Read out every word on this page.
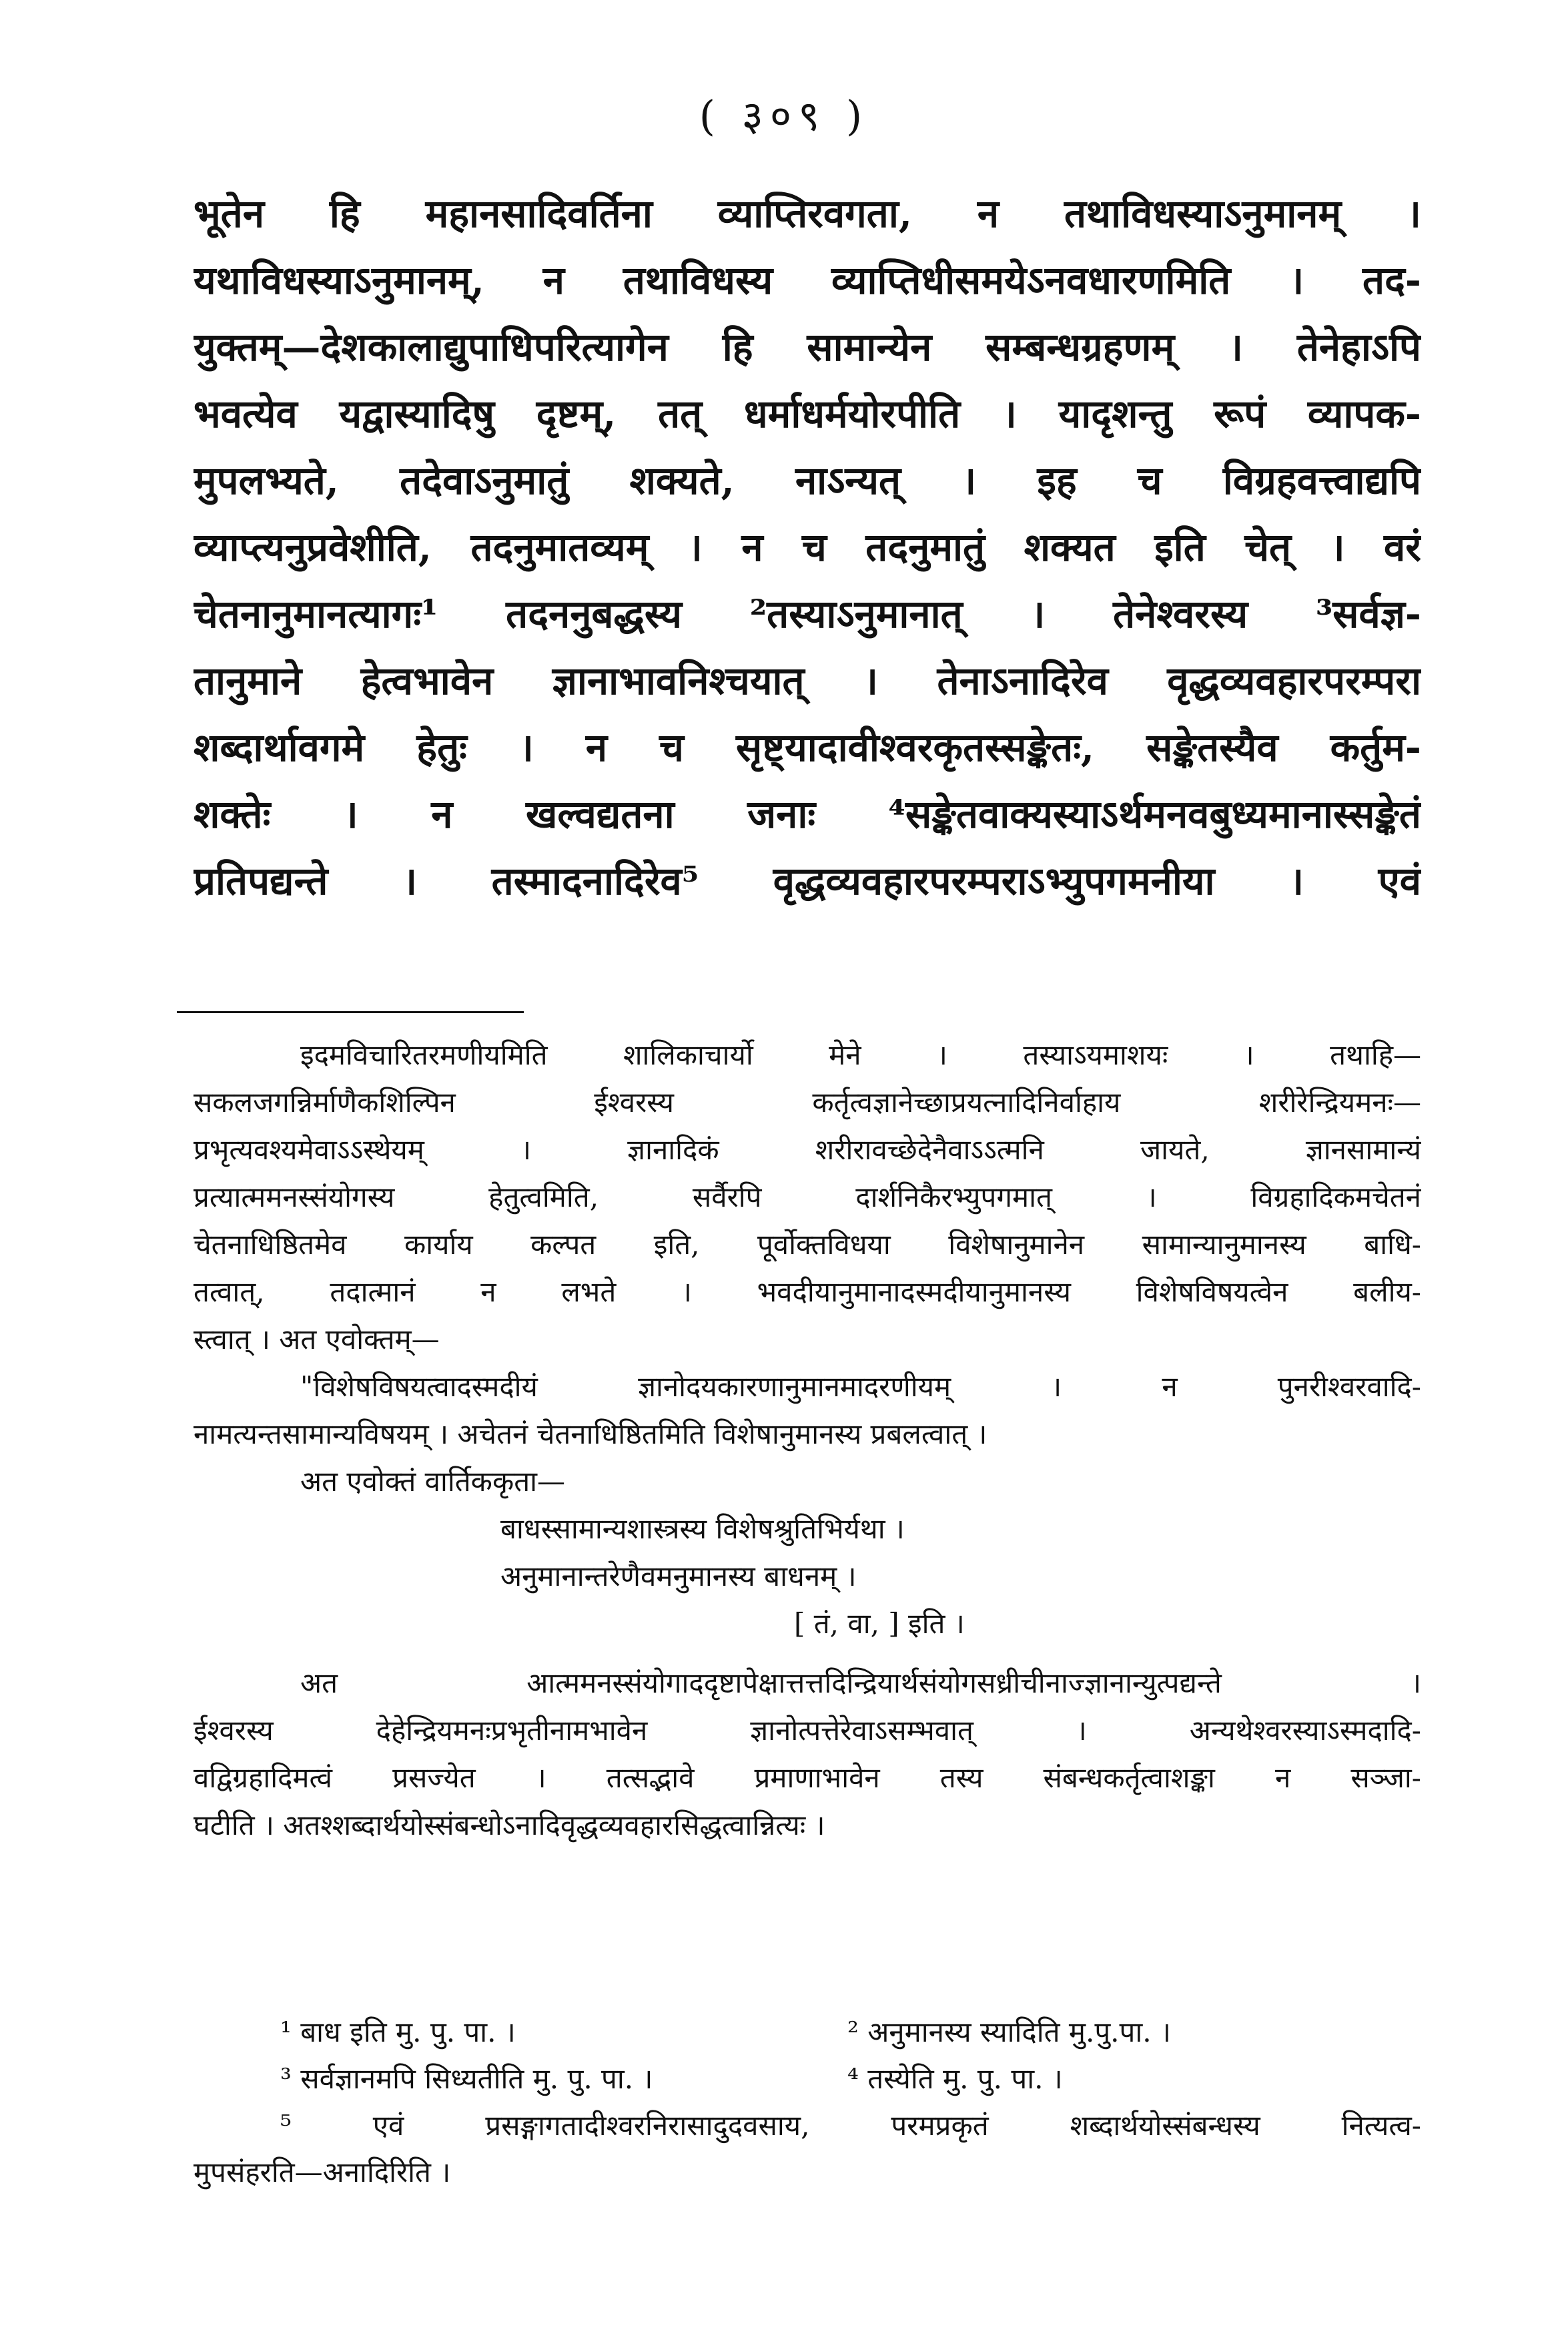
( ३०९ )
भूतेन हि महानसादिवर्तिना व्याप्तिरवगता, न तथाविधस्याऽनुमानम् ।
यथाविधस्याऽनुमानम्, न तथाविधस्य व्याप्तिधीसमयेऽनवधारणमिति । तद-
युक्तम्—देशकालाद्युपाधिपरित्यागेन हि सामान्येन सम्बन्धग्रहणम् । तेनेहाऽपि
भवत्येव यद्वास्यादिषु दृष्टम्, तत् धर्माधर्मयोरपीति । यादृशन्तु रूपं व्यापक-
मुपलभ्यते, तदेवाऽनुमातुं शक्यते, नाऽन्यत् । इह च विग्रहवत्त्वाद्यपि
व्याप्त्यनुप्रवेशीति, तदनुमातव्यम् । न च तदनुमातुं शक्यत इति चेत् । वरं
चेतनानुमानत्यागः¹ तदननुबद्धस्य ²तस्याऽनुमानात् । तेनेश्वरस्य ³सर्वज्ञ-
तानुमाने हेत्वभावेन ज्ञानाभावनिश्चयात् । तेनाऽनादिरेव वृद्धव्यवहारपरम्परा
शब्दार्थावगमे हेतुः । न च सृष्ट्यादावीश्वरकृतस्सङ्केतः, सङ्केतस्यैव कर्तुम-
शक्तेः । न खल्वद्यतना जनाः ⁴सङ्केतवाक्यस्याऽर्थमनवबुध्यमानास्सङ्केतं
प्रतिपद्यन्ते । तस्मादनादिरेव⁵ वृद्धव्यवहारपरम्पराऽभ्युपगमनीया । एवं
इदमविचारितरमणीयमिति शालिकाचार्यो मेने । तस्याऽयमाशयः । तथाहि—
सकलजगन्निर्माणैकशिल्पिन ईश्वरस्य कर्तृत्वज्ञानेच्छाप्रयत्नादिनिर्वाहाय शरीरेन्द्रियमनः—
प्रभृत्यवश्यमेवाऽऽस्थेयम् । ज्ञानादिकं शरीरावच्छेदेनैवाऽऽत्मनि जायते, ज्ञानसामान्यं
प्रत्यात्ममनस्संयोगस्य हेतुत्वमिति, सर्वैरपि दार्शनिकैरभ्युपगमात् । विग्रहादिकमचेतनं
चेतनाधिष्ठितमेव कार्याय कल्पत इति, पूर्वोक्तविधया विशेषानुमानेन सामान्यानुमानस्य बाधि-
तत्वात्, तदात्मानं न लभते । भवदीयानुमानादस्मदीयानुमानस्य विशेषविषयत्वेन बलीय-
स्त्वात् । अत एवोक्तम्—
"विशेषविषयत्वादस्मदीयं ज्ञानोदयकारणानुमानमादरणीयम् । न पुनरीश्वरवादि-
नामत्यन्तसामान्यविषयम् । अचेतनं चेतनाधिष्ठितमिति विशेषानुमानस्य प्रबलत्वात् ।
अत एवोक्तं वार्तिककृता—
बाधस्सामान्यशास्त्रस्य विशेषश्रुतिभिर्यथा ।
अनुमानान्तरेणैवमनुमानस्य बाधनम् ।
[ तं, वा, ] इति ।
अत आत्ममनस्संयोगाददृष्टापेक्षात्तत्तदिन्द्रियार्थसंयोगसध्रीचीनाज्ज्ञानान्युत्पद्यन्ते ।
ईश्वरस्य देहेन्द्रियमनःप्रभृतीनामभावेन ज्ञानोत्पत्तेरेवाऽसम्भवात् । अन्यथेश्वरस्याऽस्मदादि-
वद्विग्रहादिमत्वं प्रसज्येत । तत्सद्भावे प्रमाणाभावेन तस्य संबन्धकर्तृत्वाशङ्का न सञ्जा-
घटीति । अतश्शब्दार्थयोस्संबन्धोऽनादिवृद्धव्यवहारसिद्धत्वान्नित्यः ।
¹ बाध इति मु. पु. पा. ।	² अनुमानस्य स्यादिति मु.पु.पा. ।
³ सर्वज्ञानमपि सिध्यतीति मु. पु. पा. ।	⁴ तस्येति मु. पु. पा. ।
⁵ एवं प्रसङ्गागतादीश्वरनिरासादुदवसाय, परमप्रकृतं शब्दार्थयोस्संबन्धस्य नित्यत्व-
मुपसंहरति—अनादिरिति ।
